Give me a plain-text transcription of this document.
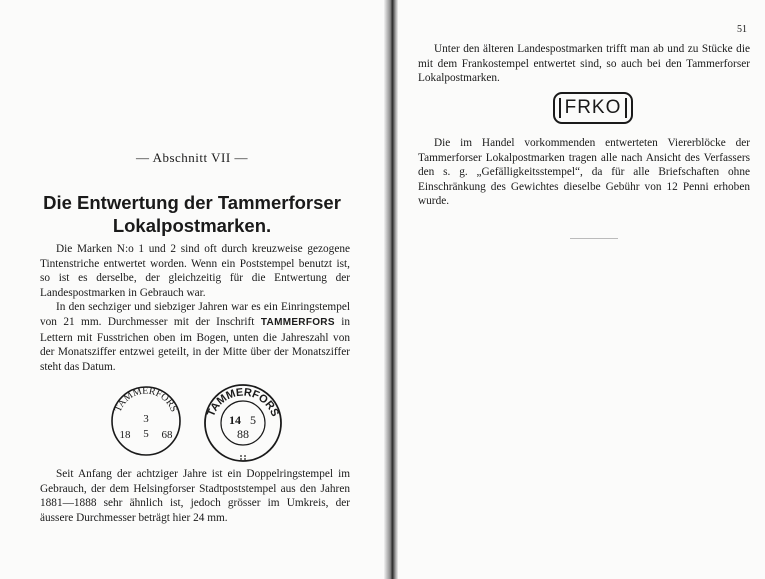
— Abschnitt VII —
Die Entwertung der Tammerforser
Lokalpostmarken.

Die Marken N:o 1 und 2 sind oft durch kreuzweise gezogene Tintenstriche entwertet worden. Wenn ein Poststempel benutzt ist, so ist es derselbe, der gleichzeitig für die Entwertung der Landespostmarken in Gebrauch war.

In den sechziger und siebziger Jahren war es ein Einringstempel von 21 mm. Durchmesser mit der Inschrift TAMMERFORS in Lettern mit Fusstrichen oben im Bogen, unten die Jahreszahl von der Monatsziffer entzwei geteilt, in der Mitte über der Monatsziffer steht das Datum.

TAMMERFORS
3
5
18	68
TAMMERFORS
14 5
88

Seit Anfang der achtziger Jahre ist ein Doppelringstempel im Gebrauch, der dem Helsingforser Stadtpoststempel aus den Jahren 1881—1888 sehr ähnlich ist, jedoch grösser im Umkreis, der äussere Durchmesser beträgt hier 24 mm.

51

Unter den älteren Landespostmarken trifft man ab und zu Stücke die mit dem Frankostempel entwertet sind, so auch bei den Tammerforser Lokalpostmarken.

FRKO

Die im Handel vorkommenden entwerteten Viererblöcke der Tammerforser Lokalpostmarken tragen alle nach Ansicht des Verfassers den s. g. „Gefälligkeitsstempel“, da für alle Briefschaften ohne Einschränkung des Gewichtes dieselbe Gebühr von 12 Penni erhoben wurde.
